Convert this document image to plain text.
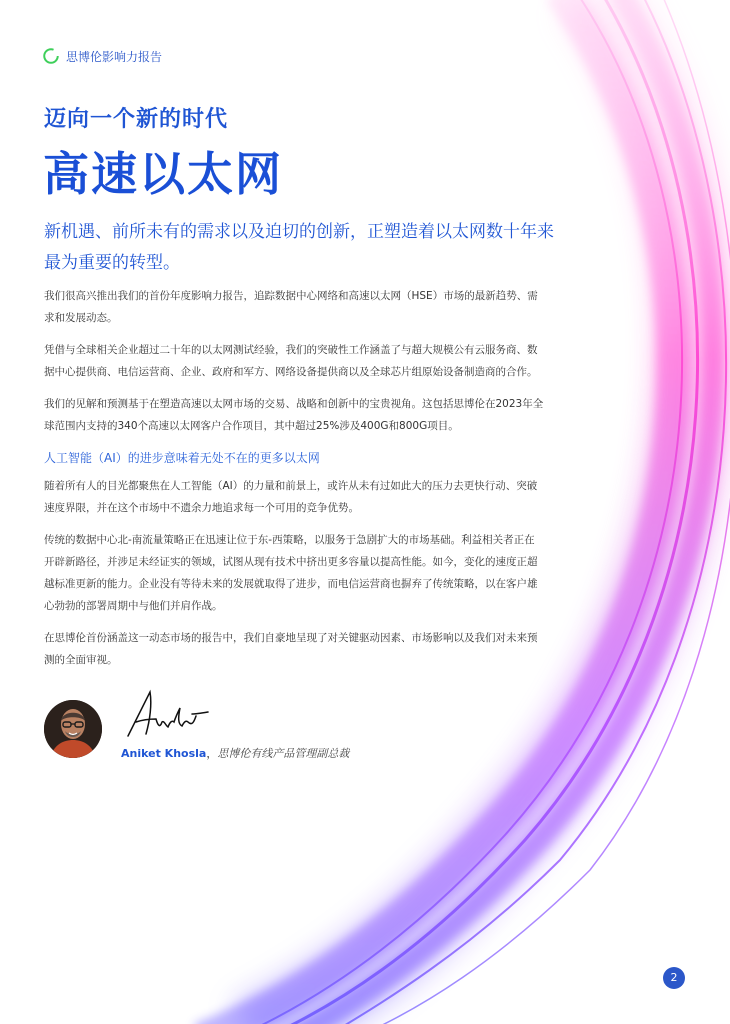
思博伦影响力报告
迈向一个新的时代
高速以太网
新机遇、前所未有的需求以及迫切的创新，正塑造着以太网数十年来最为重要的转型。

我们很高兴推出我们的首份年度影响力报告，追踪数据中心网络和高速以太网（HSE）市场的最新趋势、需求和发展动态。

凭借与全球相关企业超过二十年的以太网测试经验，我们的突破性工作涵盖了与超大规模公有云服务商、数据中心提供商、电信运营商、企业、政府和军方、网络设备提供商以及全球芯片组原始设备制造商的合作。

我们的见解和预测基于在塑造高速以太网市场的交易、战略和创新中的宝贵视角。这包括思博伦在2023年全球范围内支持的340个高速以太网客户合作项目，其中超过25%涉及400G和800G项目。

人工智能（AI）的进步意味着无处不在的更多以太网

随着所有人的目光都聚焦在人工智能（AI）的力量和前景上，或许从未有过如此大的压力去更快行动、突破速度界限，并在这个市场中不遗余力地追求每一个可用的竞争优势。

传统的数据中心北-南流量策略正在迅速让位于东-西策略，以服务于急剧扩大的市场基础。利益相关者正在开辟新路径，并涉足未经证实的领域，试图从现有技术中挤出更多容量以提高性能。如今，变化的速度正超越标准更新的能力。企业没有等待未来的发展就取得了进步，而电信运营商也摒弃了传统策略，以在客户雄心勃勃的部署周期中与他们并肩作战。

在思博伦首份涵盖这一动态市场的报告中，我们自豪地呈现了对关键驱动因素、市场影响以及我们对未来预测的全面审视。

Aniket Khosla，思博伦有线产品管理副总裁
2
